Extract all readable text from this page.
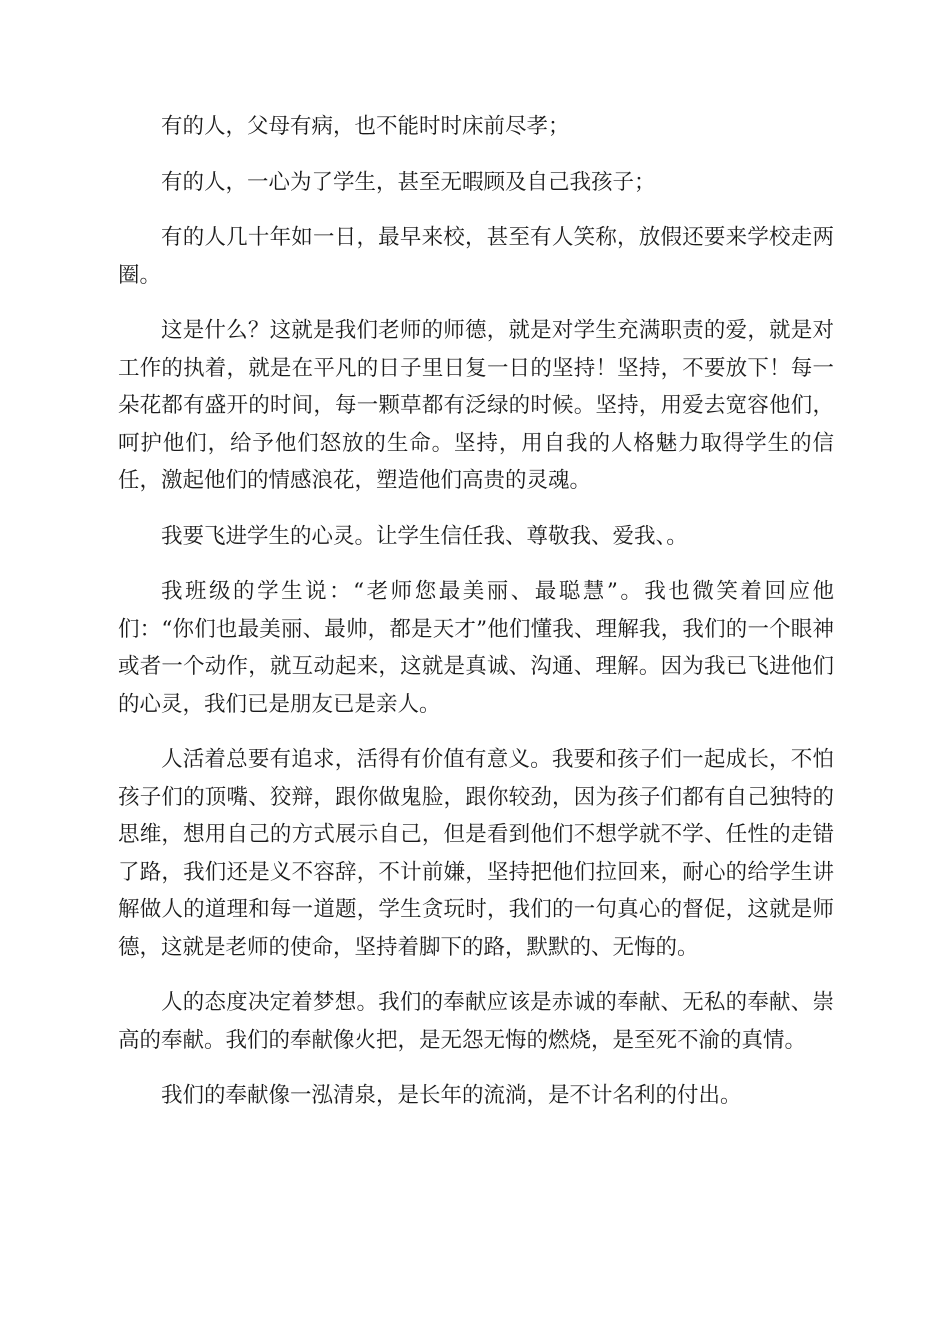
有的人，父母有病，也不能时时床前尽孝；

有的人，一心为了学生，甚至无暇顾及自己我孩子；

有的人几十年如一日，最早来校，甚至有人笑称，放假还要来学校走两圈。

这是什么？这就是我们老师的师德，就是对学生充满职责的爱，就是对工作的执着，就是在平凡的日子里日复一日的坚持！坚持，不要放下！每一朵花都有盛开的时间，每一颗草都有泛绿的时候。坚持，用爱去宽容他们，呵护他们，给予他们怒放的生命。坚持，用自我的人格魅力取得学生的信任，激起他们的情感浪花，塑造他们高贵的灵魂。

我要飞进学生的心灵。让学生信任我、尊敬我、爱我、。

我班级的学生说：“老师您最美丽、最聪慧”。我也微笑着回应他们：“你们也最美丽、最帅，都是天才”他们懂我、理解我，我们的一个眼神或者一个动作，就互动起来，这就是真诚、沟通、理解。因为我已飞进他们的心灵，我们已是朋友已是亲人。

人活着总要有追求，活得有价值有意义。我要和孩子们一起成长，不怕孩子们的顶嘴、狡辩，跟你做鬼脸，跟你较劲，因为孩子们都有自己独特的思维，想用自己的方式展示自己，但是看到他们不想学就不学、任性的走错了路，我们还是义不容辞，不计前嫌，坚持把他们拉回来，耐心的给学生讲解做人的道理和每一道题，学生贪玩时，我们的一句真心的督促，这就是师德，这就是老师的使命，坚持着脚下的路，默默的、无悔的。

人的态度决定着梦想。我们的奉献应该是赤诚的奉献、无私的奉献、崇高的奉献。我们的奉献像火把，是无怨无悔的燃烧，是至死不渝的真情。

我们的奉献像一泓清泉，是长年的流淌，是不计名利的付出。
